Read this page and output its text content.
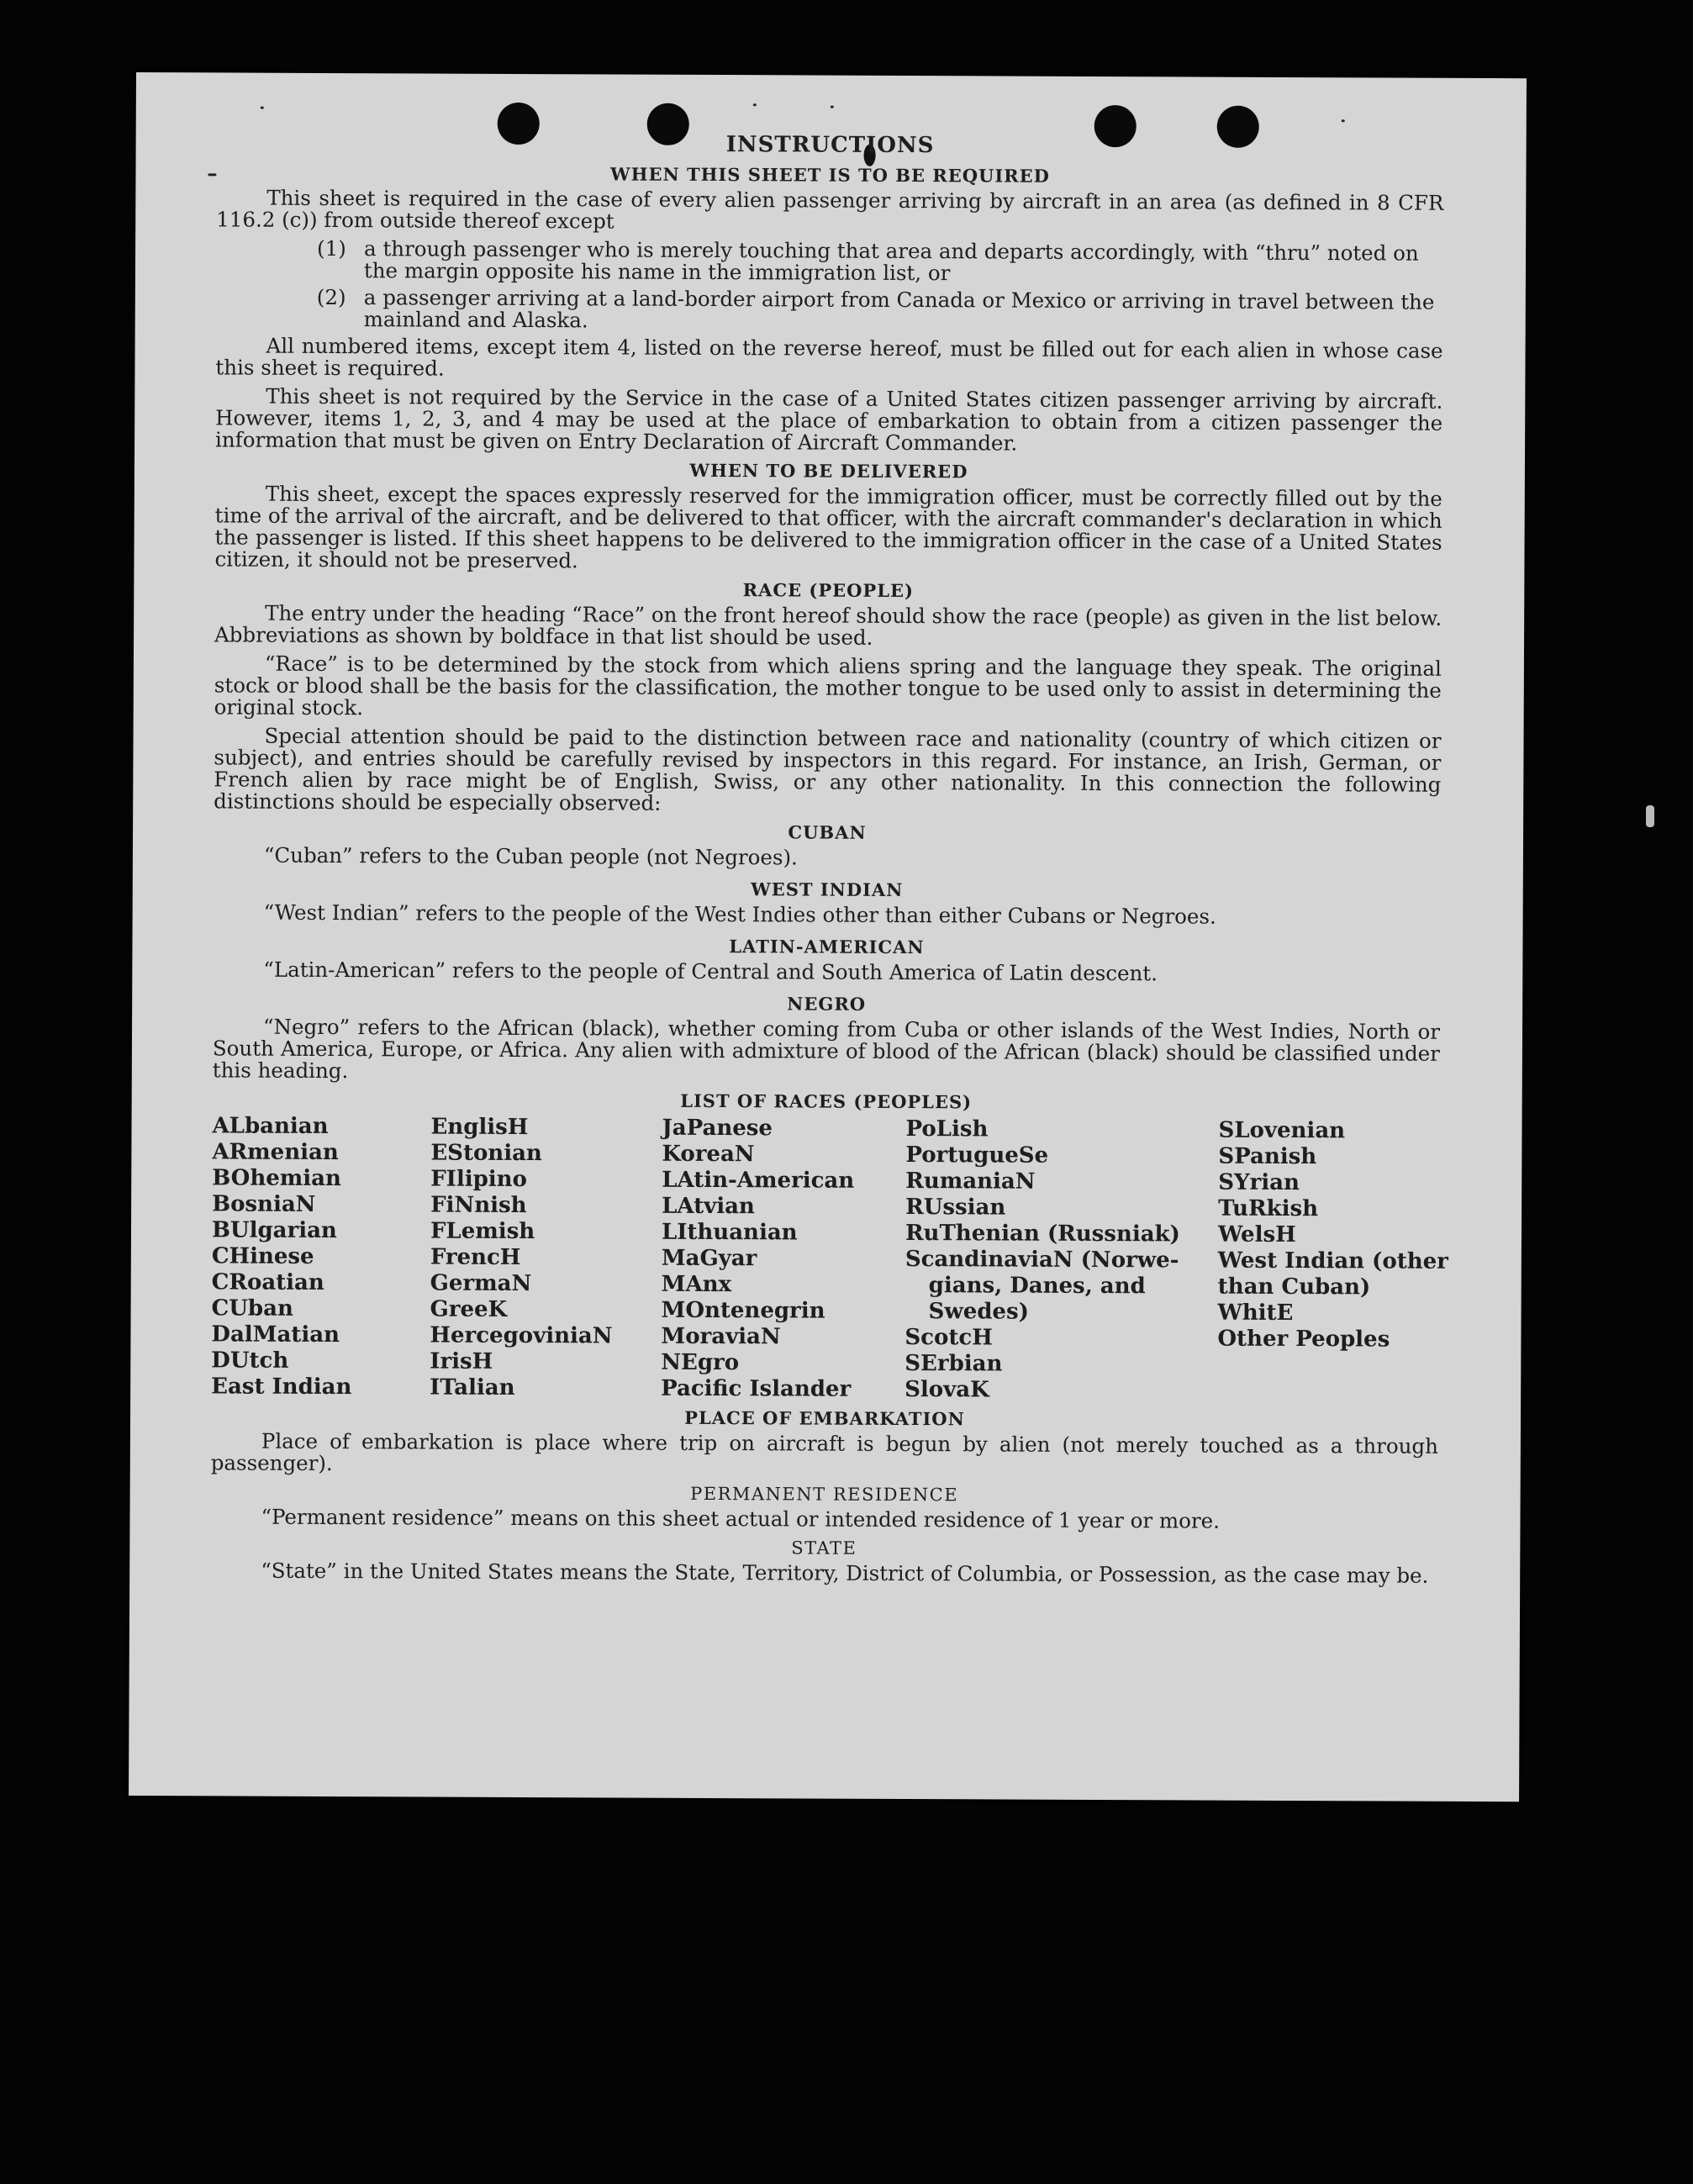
INSTRUCTIONS
WHEN THIS SHEET IS TO BE REQUIRED

This sheet is required in the case of every alien passenger arriving by aircraft in an area (as defined in 8 CFR 116.2 (c)) from outside thereof except

(1) a through passenger who is merely touching that area and departs accordingly, with “thru” noted on the margin opposite his name in the immigration list, or
(2) a passenger arriving at a land-border airport from Canada or Mexico or arriving in travel between the mainland and Alaska.

All numbered items, except item 4, listed on the reverse hereof, must be filled out for each alien in whose case this sheet is required.

This sheet is not required by the Service in the case of a United States citizen passenger arriving by aircraft. However, items 1, 2, 3, and 4 may be used at the place of embarkation to obtain from a citizen passenger the information that must be given on Entry Declaration of Aircraft Commander.

WHEN TO BE DELIVERED

This sheet, except the spaces expressly reserved for the immigration officer, must be correctly filled out by the time of the arrival of the aircraft, and be delivered to that officer, with the aircraft commander's declaration in which the passenger is listed. If this sheet happens to be delivered to the immigration officer in the case of a United States citizen, it should not be preserved.

RACE (PEOPLE)

The entry under the heading “Race” on the front hereof should show the race (people) as given in the list below. Abbreviations as shown by boldface in that list should be used.

“Race” is to be determined by the stock from which aliens spring and the language they speak. The original stock or blood shall be the basis for the classification, the mother tongue to be used only to assist in determining the original stock.

Special attention should be paid to the distinction between race and nationality (country of which citizen or subject), and entries should be carefully revised by inspectors in this regard. For instance, an Irish, German, or French alien by race might be of English, Swiss, or any other nationality. In this connection the following distinctions should be especially observed:

CUBAN
“Cuban” refers to the Cuban people (not Negroes).
WEST INDIAN
“West Indian” refers to the people of the West Indies other than either Cubans or Negroes.
LATIN-AMERICAN
“Latin-American” refers to the people of Central and South America of Latin descent.
NEGRO

“Negro” refers to the African (black), whether coming from Cuba or other islands of the West Indies, North or South America, Europe, or Africa. Any alien with admixture of blood of the African (black) should be classified under this heading.

LIST OF RACES (PEOPLES)
ALbanian
ARmenian
BOhemian
BosniaN
BUlgarian
CHinese
CRoatian
CUban
DalMatian
DUtch
East Indian
EnglisH
EStonian
FIlipino
FiNnish
FLemish
FrencH
GermaN
GreeK
HercegoviniaN
IrisH
ITalian
JaPanese
KoreaN
LAtin-American
LAtvian
LIthuanian
MaGyar
MAnx
MOntenegrin
MoraviaN
NEgro
Pacific Islander
PoLish
PortugueSe
RumaniaN
RUssian
RuThenian (Russniak)
ScandinaviaN (Norwe-
gians, Danes, and
Swedes)
ScotcH
SErbian
SlovaK
SLovenian
SPanish
SYrian
TuRkish
WelsH
West Indian (other
than Cuban)
WhitE
Other Peoples
PLACE OF EMBARKATION

Place of embarkation is place where trip on aircraft is begun by alien (not merely touched as a through passenger).

PERMANENT RESIDENCE

“Permanent residence” means on this sheet actual or intended residence of 1 year or more.

STATE

“State” in the United States means the State, Territory, District of Columbia, or Possession, as the case may be.
